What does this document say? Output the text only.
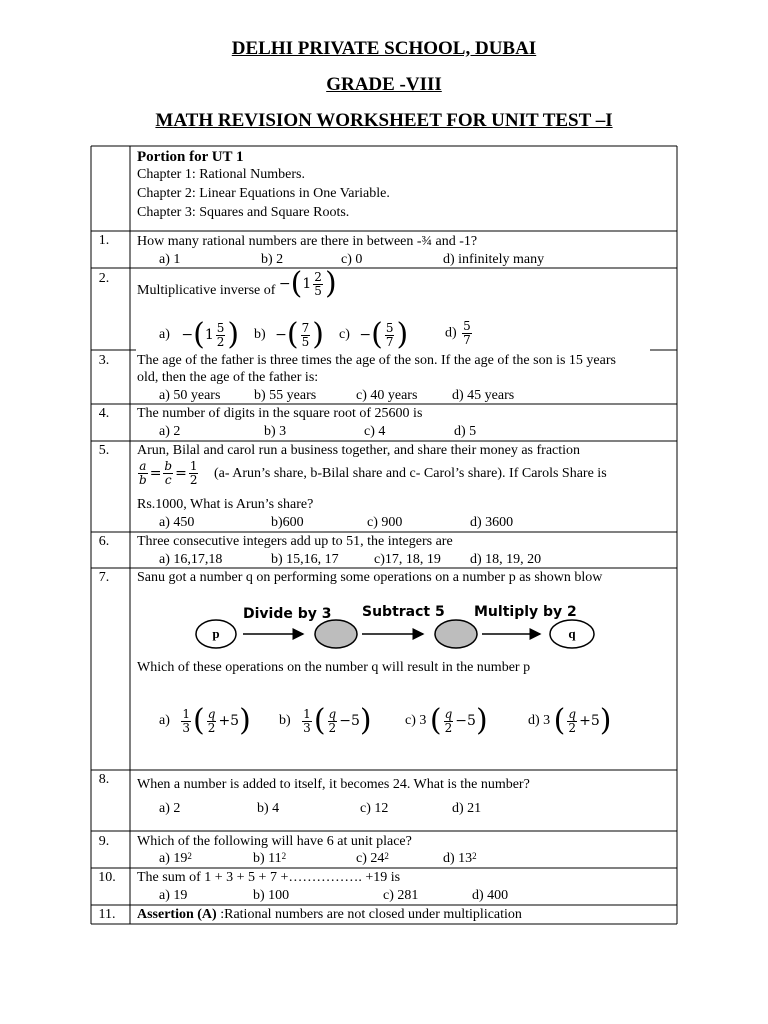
DELHI PRIVATE SCHOOL, DUBAI
GRADE -VIII
MATH REVISION WORKSHEET FOR UNIT TEST –I
Portion for UT 1
Chapter 1: Rational Numbers.
Chapter 2: Linear Equations in One Variable.
Chapter 3: Squares and Square Roots.
1.	How many rational numbers are there in between -¾ and -1?
a) 1	b) 2	c) 0	d) infinitely many
2.
Multiplicative inverse of $-(1 \frac{2}{5}$ )
$a) -(1 \frac{5}{2}$ ) b) −( $\frac{7}{5}$ ) c) −( $\frac{5}{7}$ )	$d) \frac{5}{7}$
3.	The age of the father is three times the age of the son. If the age of the son is 15 years
old, then the age of the father is:
a) 50 years b) 55 years	c) 40 years d) 45 years
4.	The number of digits in the square root of 25600 is
a) 2	b) 3	c) 4	d) 5
5.	Arun, Bilal and carol run a business together, and share their money as fraction
$\frac{a}{b} = \frac{b}{c} = \frac{1}{2} (a-$ Arun’s share, b-Bilal share and c- Carol’s share). If Carols Share is
Rs.1000, What is Arun’s share?
a) 450	b)600	c) 900	d) 3600
6.	Three consecutive integers add up to 51, the integers are
a) 16,17,18	b) 15,16, 17	c)17, 18, 19 d) 18, 19, 20
7.	Sanu got a number q on performing some operations on a number p as shown blow
p	q
Divide by 3 Subtract 5 Multiply by 2
Which of these operations on the number q will result in the number p
$a) \frac{1}{3}$ ( $\frac{q}{2} +5$) $b) \frac{1}{3}$ ( $\frac{q}{2} -5$) c) 3 ( $\frac{q}{2} -5$)	d) 3 ( $\frac{q}{2} +5$)
8.	When a number is added to itself, it becomes 24. What is the number?
a) 2	b) 4	c) 12	d) 21
9.	Which of the following will have 6 at unit place?
a) $19^2$	b) $11^2$	c) $24^2$	d) $13^2$
10.	The sum of 1 + 3 + 5 + 7 +……………. +19 is
a) 19	b) 100	c) 281	d) 400
11.	Assertion (A) :Rational numbers are not closed under multiplication
